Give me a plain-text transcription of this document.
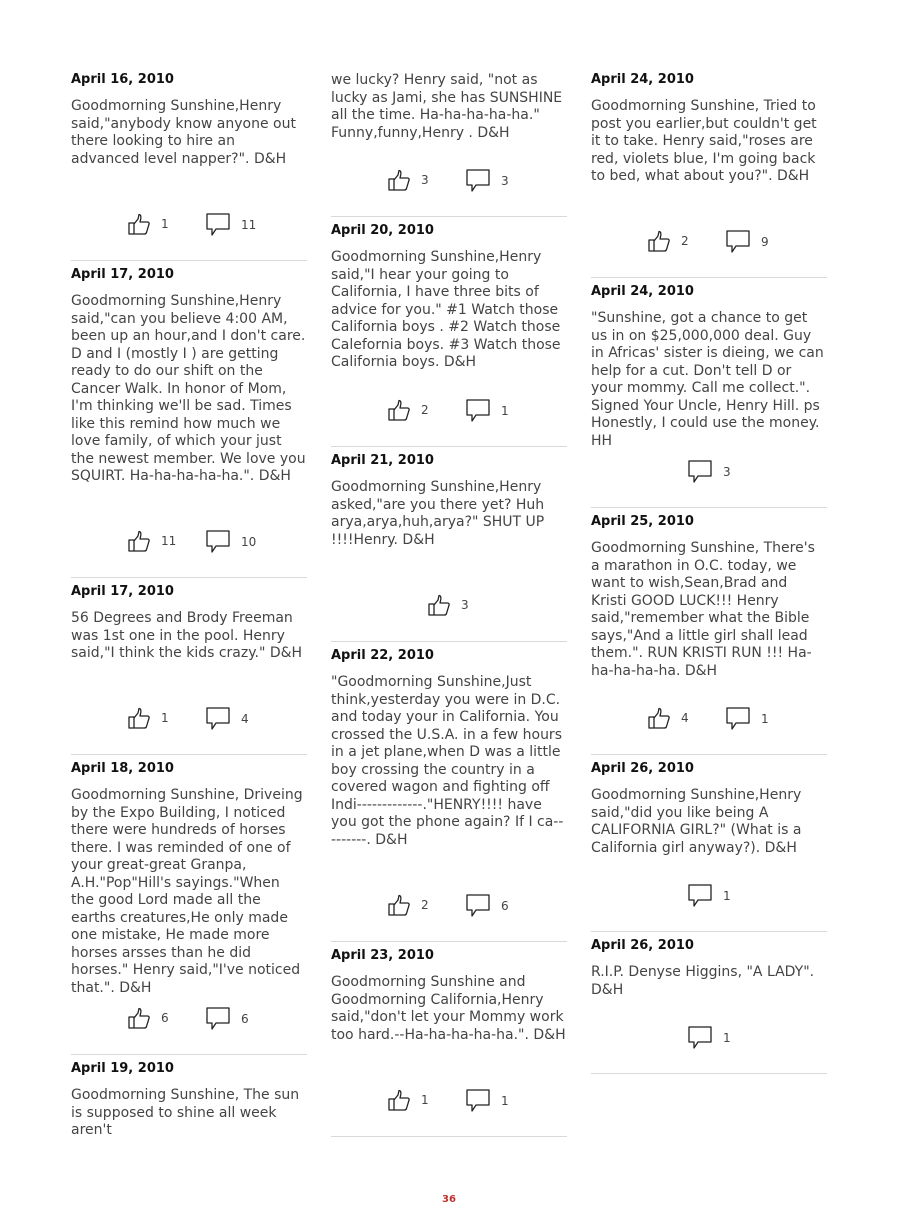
April 16, 2010

Goodmorning Sunshine,Henry said,"anybody know anyone out there looking to hire an advanced level napper?". D&H

1	11

April 17, 2010

Goodmorning Sunshine,Henry said,"can you believe 4:00 AM, been up an hour,and I don't care. D and I (mostly I ) are getting ready to do our shift on the Cancer Walk. In honor of Mom, I'm thinking we'll be sad. Times like this remind how much we love family, of which your just the newest member. We love you SQUIRT. Ha-ha-ha-ha-ha.". D&H

11	10

April 17, 2010

56 Degrees and Brody Freeman was 1st one in the pool. Henry said,"I think the kids crazy." D&H

1	4

April 18, 2010

Goodmorning Sunshine, Driveing by the Expo Building, I noticed there were hundreds of horses there. I was reminded of one of your great-great Granpa, A.H."Pop"Hill's sayings."When the good Lord made all the earths creatures,He only made one mistake, He made more horses arsses than he did horses." Henry said,"I've noticed that.". D&H

6	6

April 19, 2010

Goodmorning Sunshine, The sun is supposed to shine all week aren't

we lucky? Henry said, "not as lucky as Jami, she has SUNSHINE all the time. Ha-ha-ha-ha-ha." Funny,funny,Henry . D&H

3	3

April 20, 2010

Goodmorning Sunshine,Henry said,"I hear your going to California, I have three bits of advice for you." #1 Watch those California boys . #2 Watch those Calefornia boys. #3 Watch those California boys. D&H

2	1

April 21, 2010

Goodmorning Sunshine,Henry asked,"are you there yet? Huh arya,arya,huh,arya?" SHUT UP !!!!Henry. D&H

3

April 22, 2010

"Goodmorning Sunshine,Just think,yesterday you were in D.C. and today your in California. You crossed the U.S.A. in a few hours in a jet plane,when D was a little boy crossing the country in a covered wagon and fighting off Indi-------------."HENRY!!!! have you got the phone again? If I ca---------. D&H

2	6

April 23, 2010

Goodmorning Sunshine and Goodmorning California,Henry said,"don't let your Mommy work too hard.--Ha-ha-ha-ha-ha.". D&H

1	1

April 24, 2010

Goodmorning Sunshine, Tried to post you earlier,but couldn't get it to take. Henry said,"roses are red, violets blue, I'm going back to bed, what about you?". D&H

2	9

April 24, 2010

"Sunshine, got a chance to get us in on $25,000,000 deal. Guy in Africas' sister is dieing, we can help for a cut. Don't tell D or your mommy. Call me collect.". Signed Your Uncle, Henry Hill. ps Honestly, I could use the money. HH

3

April 25, 2010

Goodmorning Sunshine, There's a marathon in O.C. today, we want to wish,Sean,Brad and Kristi GOOD LUCK!!! Henry said,"remember what the Bible says,"And a little girl shall lead them.". RUN KRISTI RUN !!! Ha-ha-ha-ha-ha. D&H

4	1

April 26, 2010

Goodmorning Sunshine,Henry said,"did you like being A CALIFORNIA GIRL?" (What is a California girl anyway?). D&H

1

April 26, 2010

R.I.P. Denyse Higgins, "A LADY". D&H

1
36
